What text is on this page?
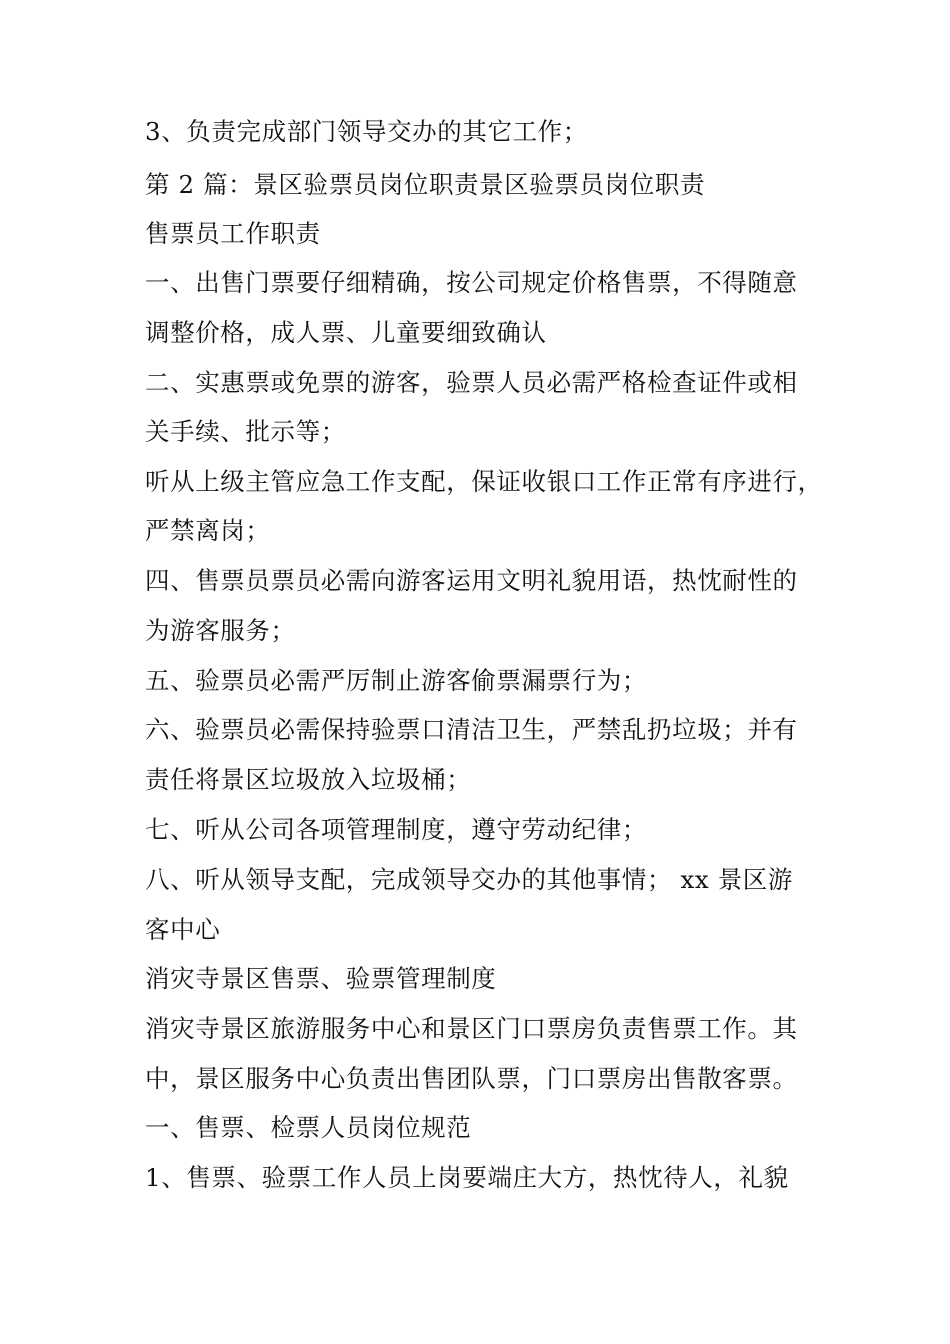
3、负责完成部门领导交办的其它工作；
第 2 篇：景区验票员岗位职责景区验票员岗位职责
售票员工作职责
一、出售门票要仔细精确，按公司规定价格售票，不得随意
调整价格，成人票、儿童要细致确认
二、实惠票或免票的游客，验票人员必需严格检查证件或相
关手续、批示等；
听从上级主管应急工作支配，保证收银口工作正常有序进行，
严禁离岗；
四、售票员票员必需向游客运用文明礼貌用语，热忱耐性的
为游客服务；
五、验票员必需严厉制止游客偷票漏票行为；
六、验票员必需保持验票口清洁卫生，严禁乱扔垃圾；并有
责任将景区垃圾放入垃圾桶；
七、听从公司各项管理制度，遵守劳动纪律；
八、听从领导支配，完成领导交办的其他事情； xx 景区游
客中心
消灾寺景区售票、验票管理制度
消灾寺景区旅游服务中心和景区门口票房负责售票工作。其
中，景区服务中心负责出售团队票，门口票房出售散客票。
一、售票、检票人员岗位规范
1、售票、验票工作人员上岗要端庄大方，热忱待人，礼貌
